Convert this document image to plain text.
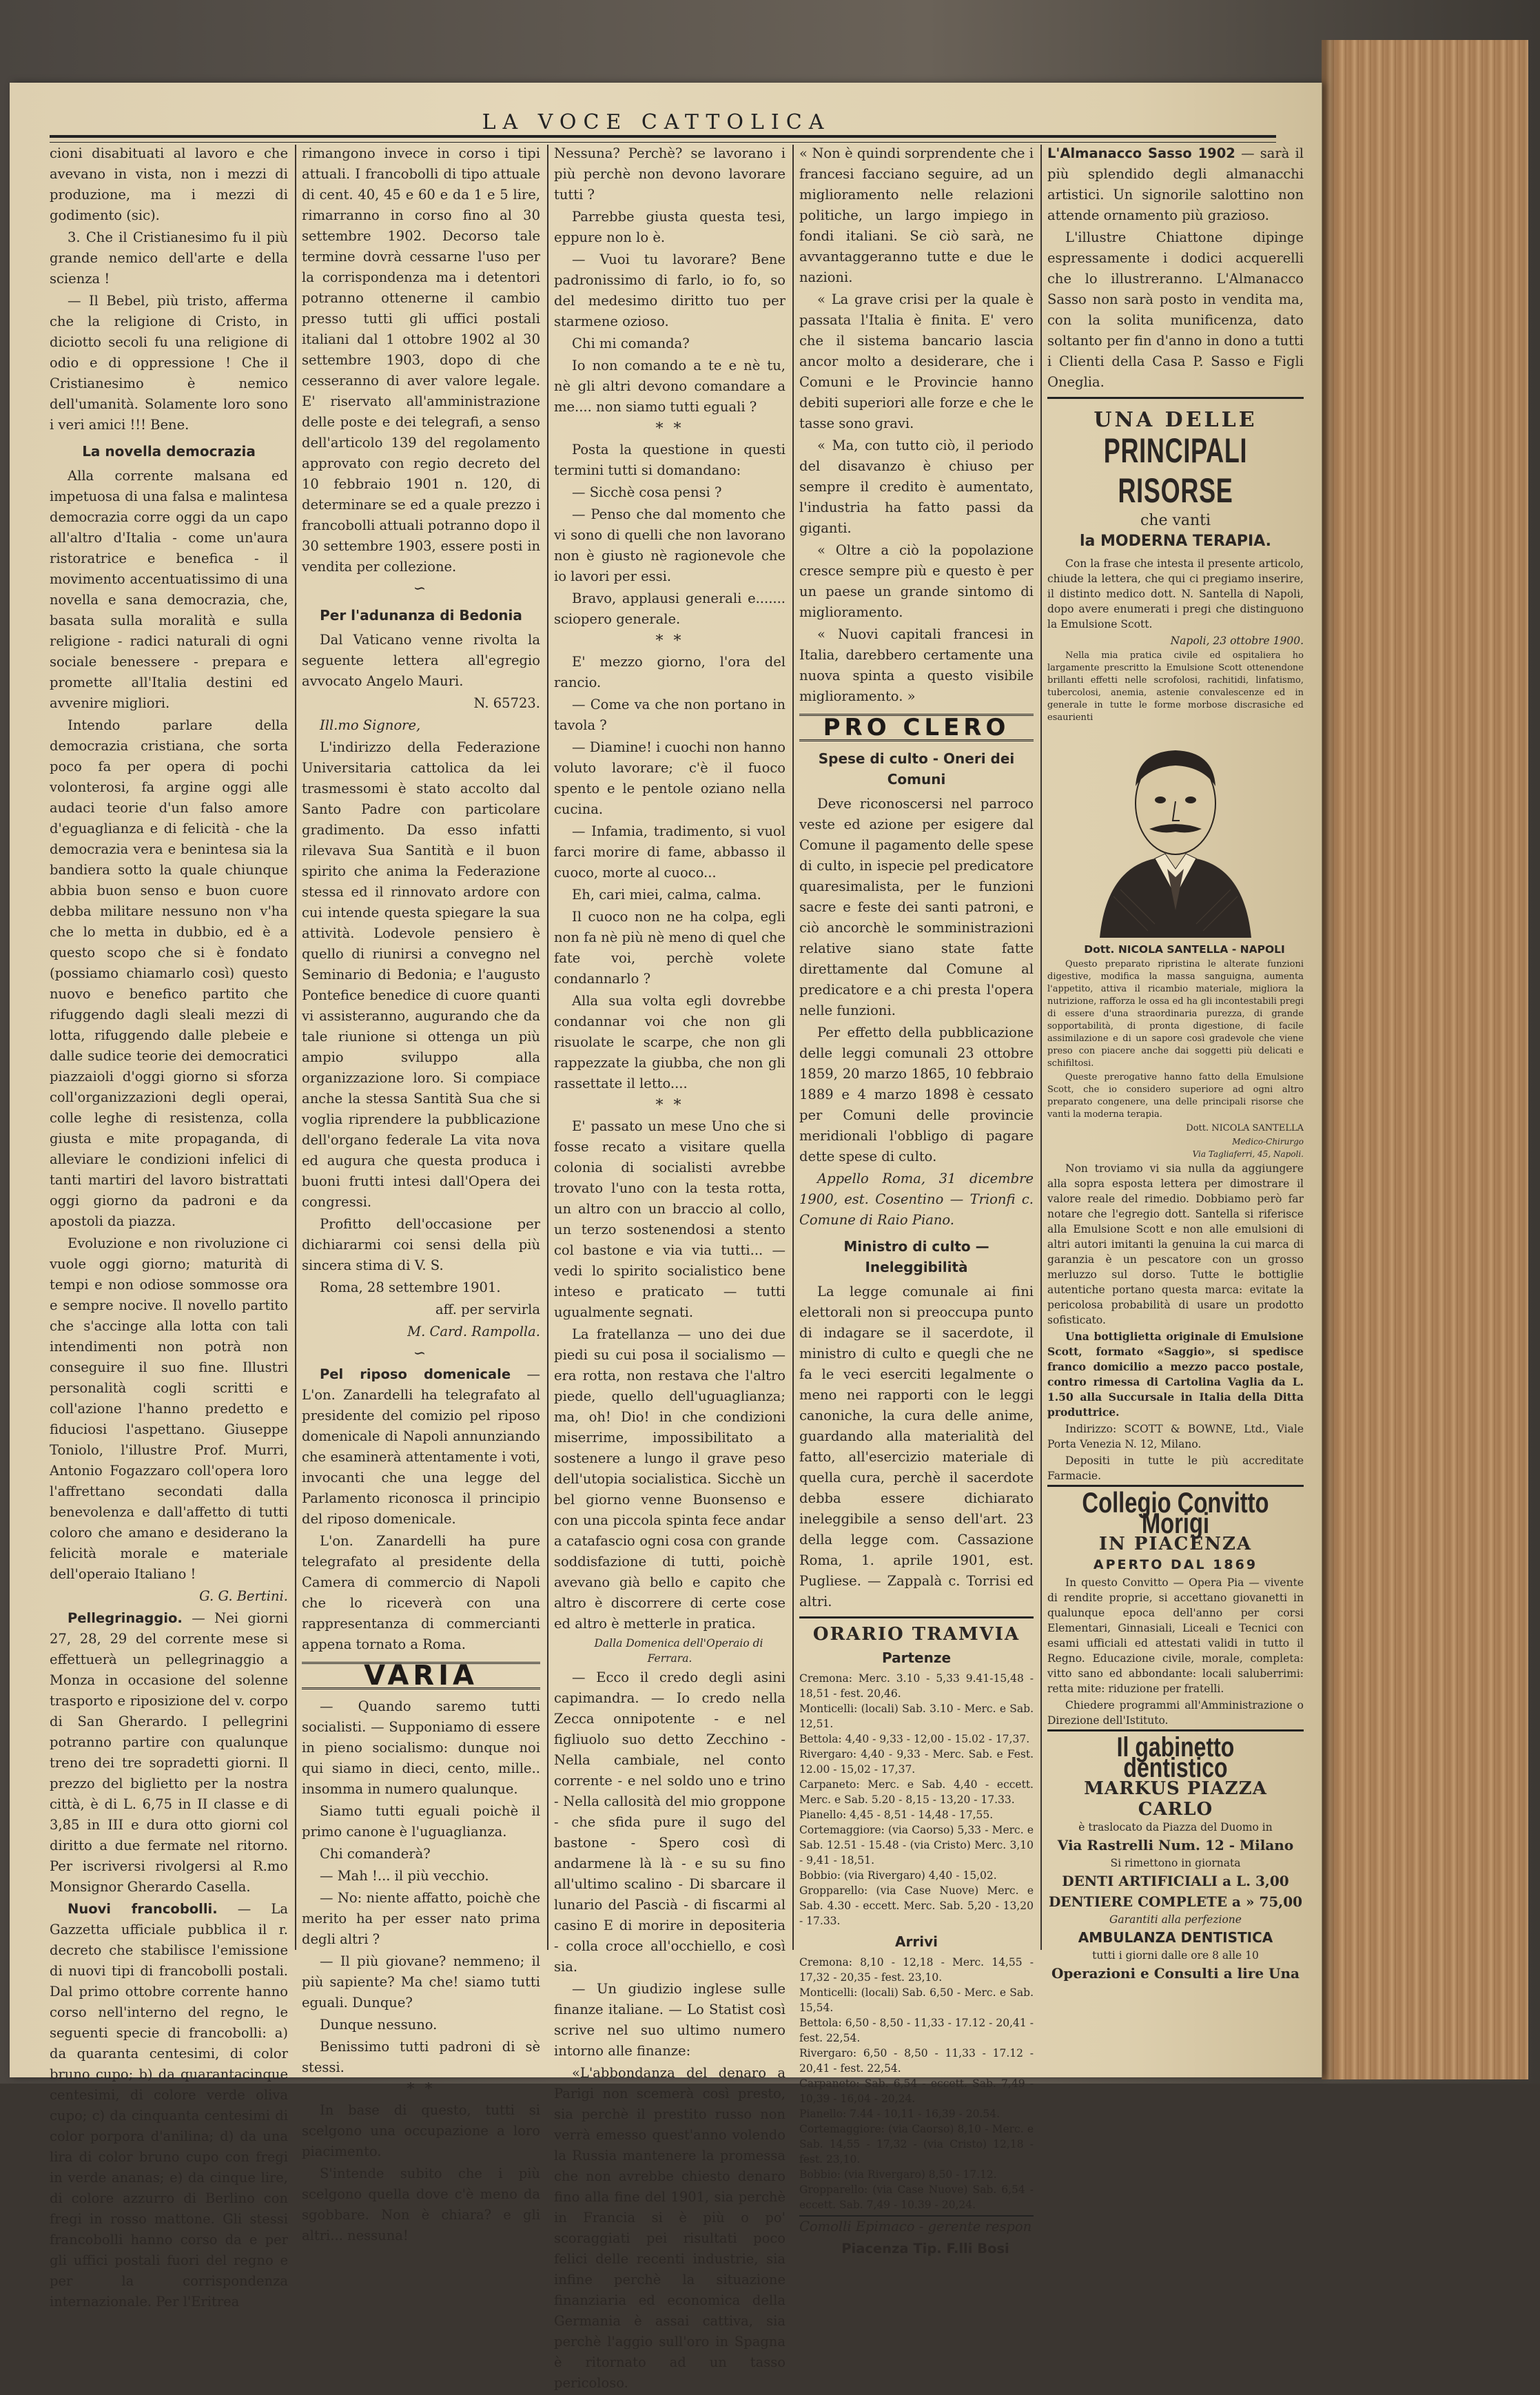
LA VOCE CATTOLICA

cioni disabituati al lavoro e che avevano in vista, non i mezzi di produzione, ma i mezzi di godimento (sic).

3. Che il Cristianesimo fu il più grande nemico dell'arte e della scienza !

— Il Bebel, più tristo, afferma che la religione di Cristo, in diciotto secoli fu una religione di odio e di oppressione ! Che il Cristianesimo è nemico dell'umanità. Solamente loro sono i veri amici !!! Bene.

La novella democrazia

Alla corrente malsana ed impetuosa di una falsa e malintesa democrazia corre oggi da un capo all'altro d'Italia - come un'aura ristoratrice e benefica - il movimento accentuatissimo di una novella e sana democrazia, che, basata sulla moralità e sulla religione - radici naturali di ogni sociale benessere - prepara e promette all'Italia destini ed avvenire migliori.

Intendo parlare della democrazia cristiana, che sorta poco fa per opera di pochi volonterosi, fa argine oggi alle audaci teorie d'un falso amore d'eguaglianza e di felicità - che la democrazia vera e benintesa sia la bandiera sotto la quale chiunque abbia buon senso e buon cuore debba militare nessuno non v'ha che lo metta in dubbio, ed è a questo scopo che si è fondato (possiamo chiamarlo così) questo nuovo e benefico partito che rifuggendo dagli sleali mezzi di lotta, rifuggendo dalle plebeie e dalle sudice teorie dei democratici piazzaioli d'oggi giorno si sforza coll'organizzazioni degli operai, colle leghe di resistenza, colla giusta e mite propaganda, di alleviare le condizioni infelici di tanti martiri del lavoro bistrattati oggi giorno da padroni e da apostoli da piazza.

Evoluzione e non rivoluzione ci vuole oggi giorno; maturità di tempi e non odiose sommosse ora e sempre nocive. Il novello partito che s'accinge alla lotta con tali intendimenti non potrà non conseguire il suo fine. Illustri personalità cogli scritti e coll'azione l'hanno predetto e fiduciosi l'aspettano. Giuseppe Toniolo, l'illustre Prof. Murri, Antonio Fogazzaro coll'opera loro l'affrettano secondati dalla benevolenza e dall'affetto di tutti coloro che amano e desiderano la felicità morale e materiale dell'operaio Italiano !

G. G. Bertini.

Pellegrinaggio. — Nei giorni 27, 28, 29 del corrente mese si effettuerà un pellegrinaggio a Monza in occasione del solenne trasporto e riposizione del v. corpo di San Gherardo. I pellegrini potranno partire con qualunque treno dei tre sopradetti giorni. Il prezzo del biglietto per la nostra città, è di L. 6,75 in II classe e di 3,85 in III e dura otto giorni col diritto a due fermate nel ritorno. Per iscriversi rivolgersi al R.mo Monsignor Gherardo Casella.

Nuovi francobolli. — La Gazzetta ufficiale pubblica il r. decreto che stabilisce l'emissione di nuovi tipi di francobolli postali. Dal primo ottobre corrente hanno corso nell'interno del regno, le seguenti specie di francobolli: a) da quaranta centesimi, di color bruno cupo; b) da quarantacinque centesimi, di colore verde oliva cupo; c) da cinquanta centesimi di color porpora d'anilina; d) da una lira di color bruno cupo con fregi in verde ananas; e) da cinque lire, di colore azzurro di Berlino con fregi in rosso mattone. Gli stessi francobolli hanno corso da e per gli uffici postali fuori del regno e per la corrispondenza internazionale. Per l'Eritrea

rimangono invece in corso i tipi attuali. I francobolli di tipo attuale di cent. 40, 45 e 60 e da 1 e 5 lire, rimarranno in corso fino al 30 settembre 1902. Decorso tale termine dovrà cessarne l'uso per la corrispondenza ma i detentori potranno ottenerne il cambio presso tutti gli uffici postali italiani dal 1 ottobre 1902 al 30 settembre 1903, dopo di che cesseranno di aver valore legale. E' riservato all'amministrazione delle poste e dei telegrafi, a senso dell'articolo 139 del regolamento approvato con regio decreto del 10 febbraio 1901 n. 120, di determinare se ed a quale prezzo i francobolli attuali potranno dopo il 30 settembre 1903, essere posti in vendita per collezione.

∽
Per l'adunanza di Bedonia

Dal Vaticano venne rivolta la seguente lettera all'egregio avvocato Angelo Mauri.

N. 65723.

Ill.mo Signore,

L'indirizzo della Federazione Universitaria cattolica da lei trasmessomi è stato accolto dal Santo Padre con particolare gradimento. Da esso infatti rilevava Sua Santità e il buon spirito che anima la Federazione stessa ed il rinnovato ardore con cui intende questa spiegare la sua attività. Lodevole pensiero è quello di riunirsi a convegno nel Seminario di Bedonia; e l'augusto Pontefice benedice di cuore quanti vi assisteranno, augurando che da tale riunione si ottenga un più ampio sviluppo alla organizzazione loro. Si compiace anche la stessa Santità Sua che si voglia riprendere la pubblicazione dell'organo federale La vita nova ed augura che questa produca i buoni frutti intesi dall'Opera dei congressi.

Profitto dell'occasione per dichiararmi coi sensi della più sincera stima di V. S.

Roma, 28 settembre 1901.

aff. per servirla

M. Card. Rampolla.

∽

Pel riposo domenicale — L'on. Zanardelli ha telegrafato al presidente del comizio pel riposo domenicale di Napoli annunziando che esaminerà attentamente i voti, invocanti che una legge del Parlamento riconosca il principio del riposo domenicale.

L'on. Zanardelli ha pure telegrafato al presidente della Camera di commercio di Napoli che lo riceverà con una rappresentanza di commercianti appena tornato a Roma.

VARIA

— Quando saremo tutti socialisti. — Supponiamo di essere in pieno socialismo: dunque noi qui siamo in dieci, cento, mille.. insomma in numero qualunque.

Siamo tutti eguali poichè il primo canone è l'uguaglianza.

Chi comanderà?

— Mah !... il più vecchio.

— No: niente affatto, poichè che merito ha per esser nato prima degli altri ?

— Il più giovane? nemmeno; il più sapiente? Ma che! siamo tutti eguali. Dunque?

Dunque nessuno.

Benissimo tutti padroni di sè stessi.

* *

In base di questo, tutti si scelgono una occupazione a loro piacimento.

S'intende subito che i più scelgono quella dove c'è meno da sgobbare. Non è chiara? e gli altri... nessuna!

Nessuna? Perchè? se lavorano i più perchè non devono lavorare tutti ?

Parrebbe giusta questa tesi, eppure non lo è.

— Vuoi tu lavorare? Bene padronissimo di farlo, io fo, so del medesimo diritto tuo per starmene ozioso.

Chi mi comanda?

Io non comando a te e nè tu, nè gli altri devono comandare a me.... non siamo tutti eguali ?

* *

Posta la questione in questi termini tutti si domandano:

— Sicchè cosa pensi ?

— Penso che dal momento che vi sono di quelli che non lavorano non è giusto nè ragionevole che io lavori per essi.

Bravo, applausi generali e....... sciopero generale.

* *

E' mezzo giorno, l'ora del rancio.

— Come va che non portano in tavola ?

— Diamine! i cuochi non hanno voluto lavorare; c'è il fuoco spento e le pentole oziano nella cucina.

— Infamia, tradimento, si vuol farci morire di fame, abbasso il cuoco, morte al cuoco...

Eh, cari miei, calma, calma.

Il cuoco non ne ha colpa, egli non fa nè più nè meno di quel che fate voi, perchè volete condannarlo ?

Alla sua volta egli dovrebbe condannar voi che non gli risuolate le scarpe, che non gli rappezzate la giubba, che non gli rassettate il letto....

* *

E' passato un mese Uno che si fosse recato a visitare quella colonia di socialisti avrebbe trovato l'uno con la testa rotta, un altro con un braccio al collo, un terzo sostenendosi a stento col bastone e via via tutti... — vedi lo spirito socialistico bene inteso e praticato — tutti ugualmente segnati.

La fratellanza — uno dei due piedi su cui posa il socialismo — era rotta, non restava che l'altro piede, quello dell'uguaglianza; ma, oh! Dio! in che condizioni miserrime, impossibilitato a sostenere a lungo il grave peso dell'utopia socialistica. Sicchè un bel giorno venne Buonsenso e con una piccola spinta fece andar a catafascio ogni cosa con grande soddisfazione di tutti, poichè avevano già bello e capito che altro è discorrere di certe cose ed altro è metterle in pratica.

Dalla Domenica dell'Operaio di Ferrara.

— Ecco il credo degli asini capimandra. — Io credo nella Zecca onnipotente - e nel figliuolo suo detto Zecchino - Nella cambiale, nel conto corrente - e nel soldo uno e trino - Nella callosità del mio groppone - che sfida pure il sugo del bastone - Spero così di andarmene là là - e su su fino all'ultimo scalino - Di sbarcare il lunario del Pascià - di fiscarmi al casino E di morire in depositeria - colla croce all'occhiello, e così sia.

— Un giudizio inglese sulle finanze italiane. — Lo Statist così scrive nel suo ultimo numero intorno alle finanze:

«L'abbondanza del denaro a Parigi non scemerà così presto, sia perchè il prestito russo non verrà emesso quest'anno volendo la Russia mantenere la promessa che non avrebbe chiesto denaro fino alla fine del 1901, sia perchè in Francia si è più o po' scoraggiati pei risultati poco felici delle recenti industrie, sia infine perchè la situazione finanziaria ed economica della Germania è assai cattiva, sia perchè l'aggio sull'oro in Spagna è ritornato ad un tasso pericoloso.

« Non è quindi sorprendente che i francesi facciano seguire, ad un miglioramento nelle relazioni politiche, un largo impiego in fondi italiani. Se ciò sarà, ne avvantaggeranno tutte e due le nazioni.

« La grave crisi per la quale è passata l'Italia è finita. E' vero che il sistema bancario lascia ancor molto a desiderare, che i Comuni e le Provincie hanno debiti superiori alle forze e che le tasse sono gravi.

« Ma, con tutto ciò, il periodo del disavanzo è chiuso per sempre il credito è aumentato, l'industria ha fatto passi da giganti.

« Oltre a ciò la popolazione cresce sempre più e questo è per un paese un grande sintomo di miglioramento.

« Nuovi capitali francesi in Italia, darebbero certamente una nuova spinta a questo visibile miglioramento. »

PRO CLERO
Spese di culto - Oneri dei Comuni

Deve riconoscersi nel parroco veste ed azione per esigere dal Comune il pagamento delle spese di culto, in ispecie pel predicatore quaresimalista, per le funzioni sacre e feste dei santi patroni, e ciò ancorchè le somministrazioni relative siano state fatte direttamente dal Comune al predicatore e a chi presta l'opera nelle funzioni.

Per effetto della pubblicazione delle leggi comunali 23 ottobre 1859, 20 marzo 1865, 10 febbraio 1889 e 4 marzo 1898 è cessato per Comuni delle provincie meridionali l'obbligo di pagare dette spese di culto.

Appello Roma, 31 dicembre 1900, est. Cosentino — Trionfi c. Comune di Raio Piano.

Ministro di culto — Ineleggibilità

La legge comunale ai fini elettorali non si preoccupa punto di indagare se il sacerdote, il ministro di culto e quegli che ne fa le veci eserciti legalmente o meno nei rapporti con le leggi canoniche, la cura delle anime, guardando alla materialità del fatto, all'esercizio materiale di quella cura, perchè il sacerdote debba essere dichiarato ineleggibile a senso dell'art. 23 della legge com. Cassazione Roma, 1. aprile 1901, est. Pugliese. — Zappalà c. Torrisi ed altri.

ORARIO TRAMVIA
Partenze
Cremona: Merc. 3.10 - 5,33 9.41-15,48 - 18,51 - fest. 20,46.
Monticelli: (locali) Sab. 3.10 - Merc. e Sab. 12,51.
Bettola: 4,40 - 9,33 - 12,00 - 15.02 - 17,37.
Rivergaro: 4,40 - 9,33 - Merc. Sab. e Fest. 12.00 - 15,02 - 17,37.
Carpaneto: Merc. e Sab. 4,40 - eccett. Merc. e Sab. 5.20 - 8,15 - 13,20 - 17.33.
Pianello: 4,45 - 8,51 - 14,48 - 17,55.
Cortemaggiore: (via Caorso) 5,33 - Merc. e Sab. 12.51 - 15.48 - (via Cristo) Merc. 3,10 - 9,41 - 18,51.
Bobbio: (via Rivergaro) 4,40 - 15,02.
Gropparello: (via Case Nuove) Merc. e Sab. 4.30 - eccett. Merc. Sab. 5,20 - 13,20 - 17.33.
Arrivi
Cremona: 8,10 - 12,18 - Merc. 14,55 - 17,32 - 20,35 - fest. 23,10.
Monticelli: (locali) Sab. 6,50 - Merc. e Sab. 15,54.
Bettola: 6,50 - 8,50 - 11,33 - 17.12 - 20,41 - fest. 22,54.
Rivergaro: 6,50 - 8,50 - 11,33 - 17.12 - 20,41 - fest. 22,54.
Carpaneto: Sab. 6,54 - eccett. Sab. 7,49 - 10,39 - 16,04 - 20,24.
Pianello: 7.44 - 10,11 - 16,39 - 20.54.
Cortemaggiore: (via Caorso) 8,10 - Merc. e Sab. 14,55 - 17,32 - (via Cristo) 12,18 - fest. 23,10.
Bobbio: (via Rivergaro) 8,50 - 17.12.
Gropparello: (via Case Nuove) Sab. 6,54 - eccett. Sab. 7,49 - 10.39 - 20,24.

Comolli Epimaco - gerente respon

Piacenza Tip. F.lli Bosi

L'Almanacco Sasso 1902 — sarà il più splendido degli almanacchi artistici. Un signorile salottino non attende ornamento più grazioso.

L'illustre Chiattone dipinge espressamente i dodici acquerelli che lo illustreranno. L'Almanacco Sasso non sarà posto in vendita ma, con la solita munificenza, dato soltanto per fin d'anno in dono a tutti i Clienti della Casa P. Sasso e Figli Oneglia.

UNA DELLE
PRINCIPALI RISORSE
che vanti
la MODERNA TERAPIA.

Con la frase che intesta il presente articolo, chiude la lettera, che qui ci pregiamo inserire, il distinto medico dott. N. Santella di Napoli, dopo avere enumerati i pregi che distinguono la Emulsione Scott.

Napoli, 23 ottobre 1900.

Nella mia pratica civile ed ospitaliera ho largamente prescritto la Emulsione Scott ottenendone brillanti effetti nelle scrofolosi, rachitidi, linfatismo, tubercolosi, anemia, astenie convalescenze ed in generale in tutte le forme morbose discrasiche ed esaurienti

Dott. NICOLA SANTELLA - NAPOLI

Questo preparato ripristina le alterate funzioni digestive, modifica la massa sanguigna, aumenta l'appetito, attiva il ricambio materiale, migliora la nutrizione, rafforza le ossa ed ha gli incontestabili pregi di essere d'una straordinaria purezza, di grande sopportabilità, di pronta digestione, di facile assimilazione e di un sapore così gradevole che viene preso con piacere anche dai soggetti più delicati e schifiltosi.

Queste prerogative hanno fatto della Emulsione Scott, che io considero superiore ad ogni altro preparato congenere, una delle principali risorse che vanti la moderna terapia.

Dott. NICOLA SANTELLA

Medico-Chirurgo

Via Tagliaferri, 45, Napoli.

Non troviamo vi sia nulla da aggiungere alla sopra esposta lettera per dimostrare il valore reale del rimedio. Dobbiamo però far notare che l'egregio dott. Santella si riferisce alla Emulsione Scott e non alle emulsioni di altri autori imitanti la genuina la cui marca di garanzia è un pescatore con un grosso merluzzo sul dorso. Tutte le bottiglie autentiche portano questa marca: evitate la pericolosa probabilità di usare un prodotto sofisticato.

Una bottiglietta originale di Emulsione Scott, formato «Saggio», si spedisce franco domicilio a mezzo pacco postale, contro rimessa di Cartolina Vaglia da L. 1.50 alla Succursale in Italia della Ditta produttrice.

Indirizzo: SCOTT & BOWNE, Ltd., Viale Porta Venezia N. 12, Milano.

Depositi in tutte le più accreditate Farmacie.

Collegio Convitto Morigi
IN PIACENZA
APERTO DAL 1869

In questo Convitto — Opera Pia — vivente di rendite proprie, si accettano giovanetti in qualunque epoca dell'anno per corsi Elementari, Ginnasiali, Liceali e Tecnici con esami ufficiali ed attestati validi in tutto il Regno. Educazione civile, morale, completa: vitto sano ed abbondante: locali saluberrimi: retta mite: riduzione per fratelli.

Chiedere programmi all'Amministrazione o Direzione dell'Istituto.

Il gabinetto dentistico
MARKUS PIAZZA CARLO
è traslocato da Piazza del Duomo in
Via Rastrelli Num. 12 - Milano
Si rimettono in giornata
DENTI ARTIFICIALI a L. 3,00
DENTIERE COMPLETE a » 75,00
Garantiti alla perfezione
AMBULANZA DENTISTICA
tutti i giorni dalle ore 8 alle 10
Operazioni e Consulti a lire Una
